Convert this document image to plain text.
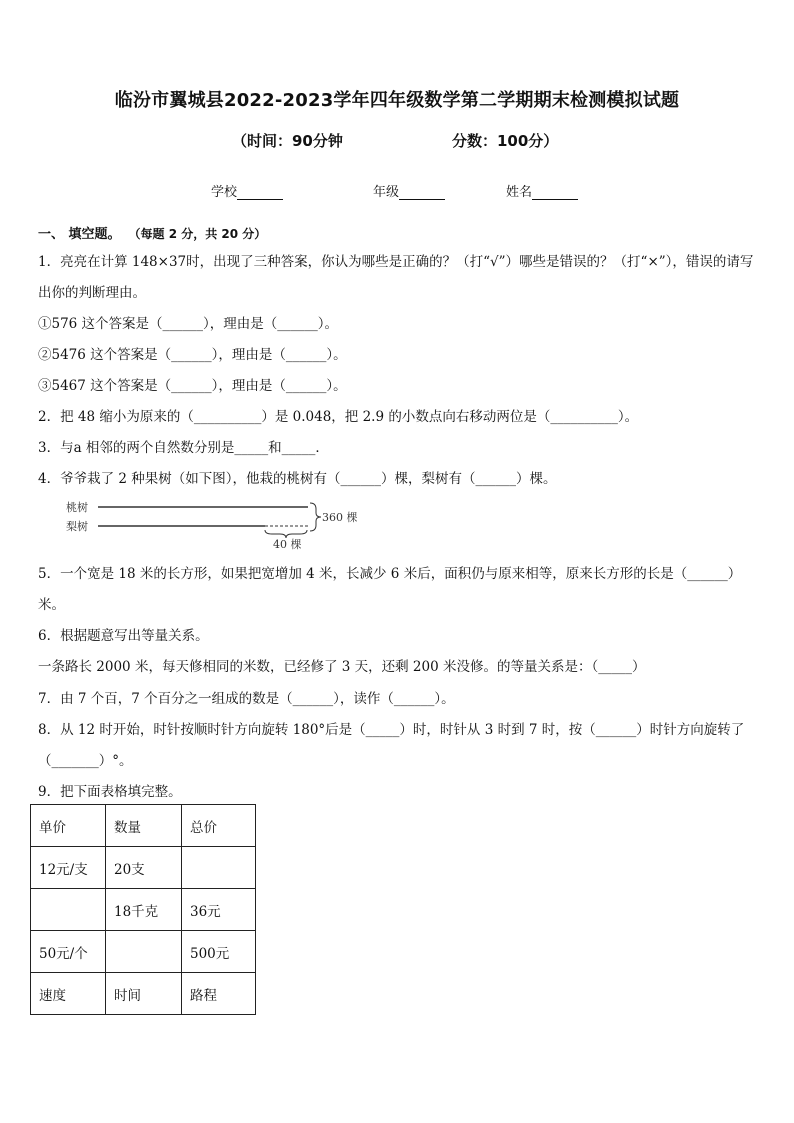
临汾市翼城县2022-2023学年四年级数学第二学期期末检测模拟试题
（时间：90分钟	分数：100分）
学校	年级	姓名
一、 填空题。 （每题 2 分，共 20 分）
1．亮亮在计算 148×37时，出现了三种答案，你认为哪些是正确的？（打“√”）哪些是错误的？（打“×”），错误的请写
出你的判断理由。
①576 这个答案是（______），理由是（______）。
②5476 这个答案是（______），理由是（______）。
③5467 这个答案是（______），理由是（______）。
2．把 48 缩小为原来的（__________）是 0.048，把 2.9 的小数点向右移动两位是（__________）。
3．与a 相邻的两个自然数分别是_____和_____．
4．爷爷栽了 2 种果树（如下图），他栽的桃树有（______）棵，梨树有（______）棵。
桃树
梨树
360 棵
40 棵
5．一个宽是 18 米的长方形，如果把宽增加 4 米，长减少 6 米后，面积仍与原来相等，原来长方形的长是（______）
米。
6．根据题意写出等量关系。
一条路长 2000 米，每天修相同的米数，已经修了 3 天，还剩 200 米没修。的等量关系是：（_____）
7．由 7 个百，7 个百分之一组成的数是（______），读作（______）。
8．从 12 时开始，时针按顺时针方向旋转 180°后是（_____）时，时针从 3 时到 7 时，按（______）时针方向旋转了
（_______）°。
9．把下面表格填完整。
单价	数量	总价
12元/支	20支	
	18千克	36元
50元/个		500元
速度	时间	路程
